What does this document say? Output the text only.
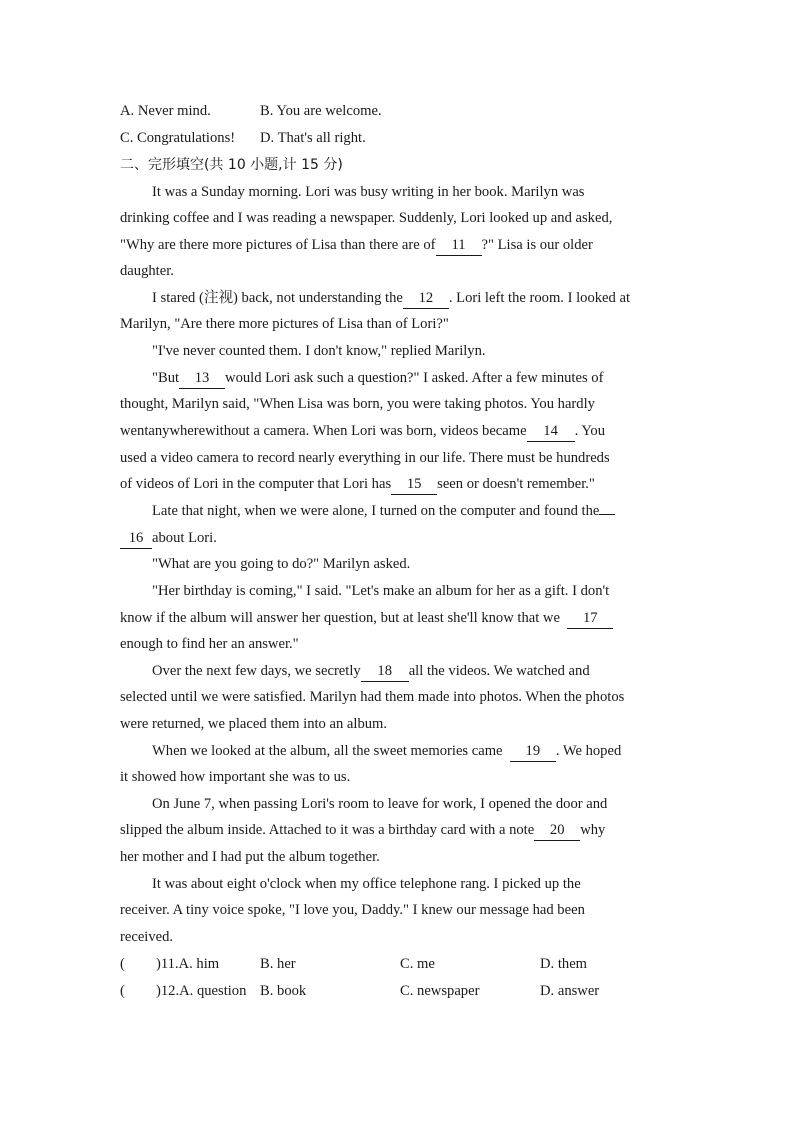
A. Never mind.	B. You are welcome.
C. Congratulations! D. That's all right.
二、完形填空(共 10 小题,计 15 分)
It was a Sunday morning. Lori was busy writing in her book. Marilyn was
drinking coffee and I was reading a newspaper. Suddenly, Lori looked up and asked,
"Why are there more pictures of Lisa than there are of 11 ?" Lisa is our older
daughter.
I stared (注视) back, not understanding the 12 . Lori left the room. I looked at
Marilyn, "Are there more pictures of Lisa than of Lori?"
"I've never counted them. I don't know," replied Marilyn.
"But 13 would Lori ask such a question?" I asked. After a few minutes of
thought, Marilyn said, "When Lisa was born, you were taking photos. You hardly
wentanywherewithout a camera. When Lori was born, videos became 14 . You
used a video camera to record nearly everything in our life. There must be hundreds
of videos of Lori in the computer that Lori has 15 seen or doesn't remember."
Late that night, when we were alone, I turned on the computer and found the
16 about Lori.
"What are you going to do?" Marilyn asked.
"Her birthday is coming," I said. "Let's make an album for her as a gift. I don't
know if the album will answer her question, but at least she'll know that we 17
enough to find her an answer."
Over the next few days, we secretly 18 all the videos. We watched and
selected until we were satisfied. Marilyn had them made into photos. When the photos
were returned, we placed them into an album.
When we looked at the album, all the sweet memories came 19 . We hoped
it showed how important she was to us.
On June 7, when passing Lori's room to leave for work, I opened the door and
slipped the album inside. Attached to it was a birthday card with a note 20 why
her mother and I had put the album together.
It was about eight o'clock when my office telephone rang. I picked up the
receiver. A tiny voice spoke, "I love you, Daddy." I knew our message had been
received.
( )11.A. him	B. her	C. me	D. them
( )12.A. question B. book	C. newspaper	D. answer
